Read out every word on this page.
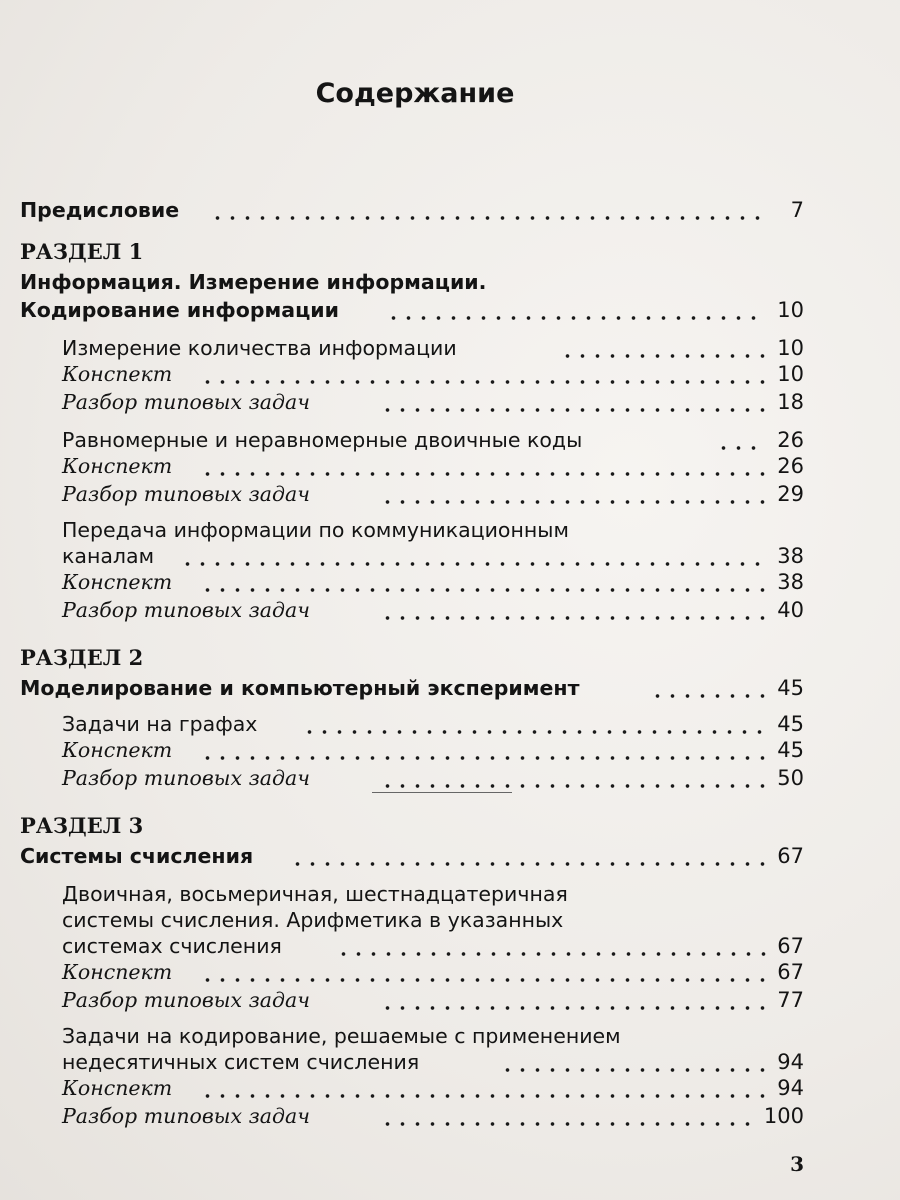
Содержание
Предисловие	7
РАЗДЕЛ 1
Информация. Измерение информации.
Кодирование информации	10
Измерение количества информации	10
Конспект	10
Разбор типовых задач	18
Равномерные и неравномерные двоичные коды	26
Конспект	26
Разбор типовых задач	29
Передача информации по коммуникационным
каналам	38
Конспект	38
Разбор типовых задач	40
РАЗДЕЛ 2
Моделирование и компьютерный эксперимент	45
Задачи на графах	45
Конспект	45
Разбор типовых задач	50
РАЗДЕЛ 3
Системы счисления	67
Двоичная, восьмеричная, шестнадцатеричная
системы счисления. Арифметика в указанных
системах счисления	67
Конспект	67
Разбор типовых задач	77
Задачи на кодирование, решаемые с применением
недесятичных систем счисления	94
Конспект	94
Разбор типовых задач	100
3
